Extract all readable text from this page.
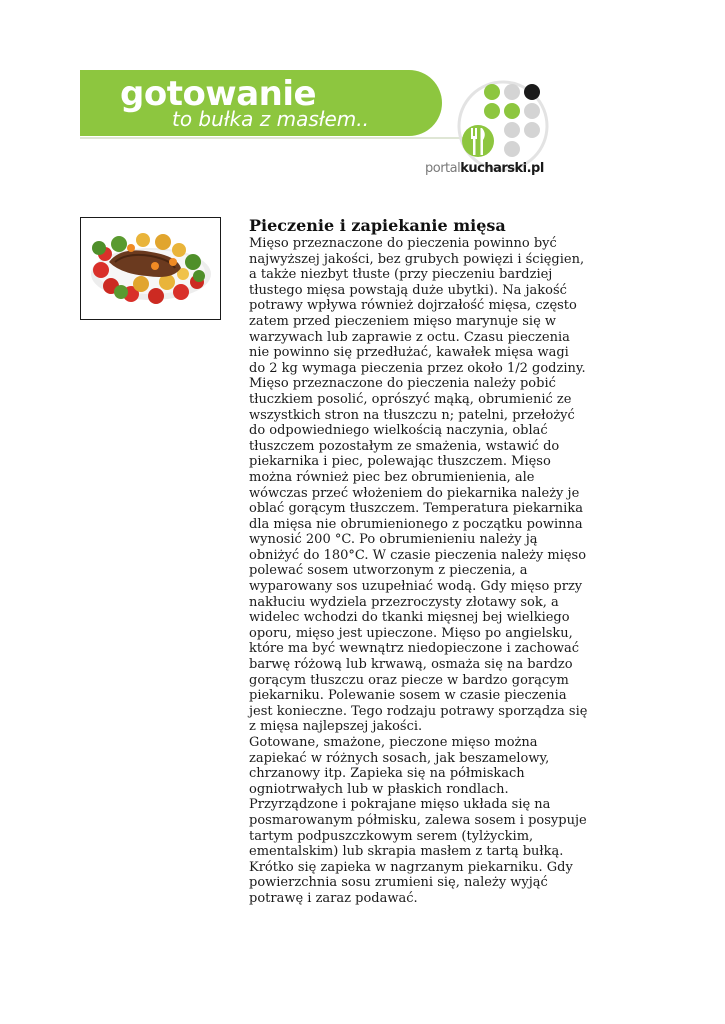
gotowanie
to bułka z masłem..
portalkucharski.pl
Pieczenie i zapiekanie mięsa

Mięso przeznaczone do pieczenia powinno być najwyższej jakości, bez grubych powięzi i ścięgien, a także niezbyt tłuste (przy pieczeniu bardziej tłustego mięsa powstają duże ubytki). Na jakość potrawy wpływa również dojrzałość mięsa, często zatem przed pieczeniem mięso marynuje się w warzywach lub zaprawie z octu. Czasu pieczenia nie powinno się przedłużać, kawałek mięsa wagi do 2 kg wymaga pieczenia przez około 1/2 godziny. Mięso przeznaczone do pieczenia należy pobić tłuczkiem posolić, oprószyć mąką, obrumienić ze wszystkich stron na tłuszczu n; patelni, przełożyć do odpowiedniego wielkością naczynia, oblać tłuszczem pozostałym ze smażenia, wstawić do piekarnika i piec, polewając tłuszczem. Mięso można również piec bez obrumienienia, ale wówczas przeć włożeniem do piekarnika należy je oblać gorącym tłuszczem. Temperatura piekarnika dla mięsa nie obrumienionego z początku powinna wynosić 200 °C. Po obrumienieniu należy ją obniżyć do 180°C. W czasie pieczenia należy mięso polewać sosem utworzonym z pieczenia, a wyparowany sos uzupełniać wodą. Gdy mięso przy nakłuciu wydziela przezroczysty złotawy sok, a widelec wchodzi do tkanki mięsnej bej wielkiego oporu, mięso jest upieczone. Mięso po angielsku, które ma być wewnątrz niedopieczone i zachować barwę różową lub krwawą, osmaża się na bardzo gorącym tłuszczu oraz piecze w bardzo gorącym piekarniku. Polewanie sosem w czasie pieczenia jest konieczne. Tego rodzaju potrawy sporządza się z mięsa najlepszej jakości.

Gotowane, smażone, pieczone mięso można zapiekać w różnych sosach, jak beszamelowy, chrzanowy itp. Zapieka się na półmiskach ogniotrwałych lub w płaskich rondlach. Przyrządzone i pokrajane mięso układa się na posmarowanym półmisku, zalewa sosem i posypuje tartym podpuszczkowym serem (tylżyckim, ementalskim) lub skrapia masłem z tartą bułką. Krótko się zapieka w nagrzanym piekarniku. Gdy powierzchnia sosu zrumieni się, należy wyjąć potrawę i zaraz podawać.
